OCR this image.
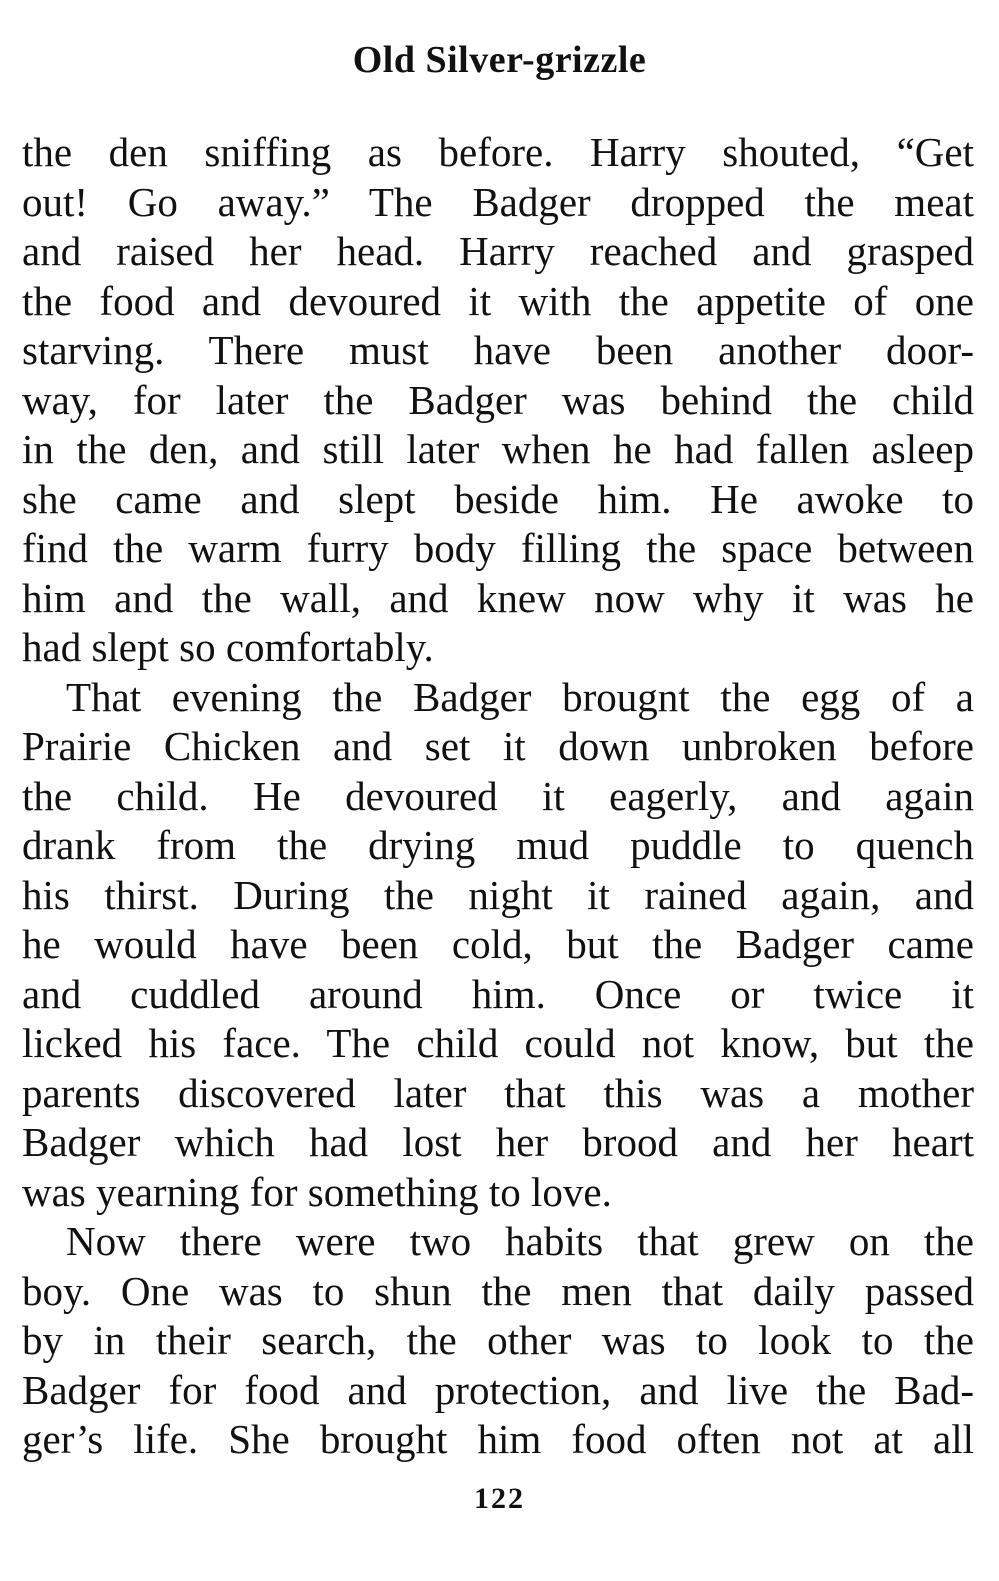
Old Silver-grizzle
the den sniffing as before. Harry shouted, “Get
out! Go away.” The Badger dropped the meat
and raised her head. Harry reached and grasped
the food and devoured it with the appetite of one
starving. There must have been another door-
way, for later the Badger was behind the child
in the den, and still later when he had fallen asleep
she came and slept beside him. He awoke to
find the warm furry body filling the space between
him and the wall, and knew now why it was he
had slept so comfortably.
That evening the Badger brougnt the egg of a
Prairie Chicken and set it down unbroken before
the child. He devoured it eagerly, and again
drank from the drying mud puddle to quench
his thirst. During the night it rained again, and
he would have been cold, but the Badger came
and cuddled around him. Once or twice it
licked his face. The child could not know, but the
parents discovered later that this was a mother
Badger which had lost her brood and her heart
was yearning for something to love.
Now there were two habits that grew on the
boy. One was to shun the men that daily passed
by in their search, the other was to look to the
Badger for food and protection, and live the Bad-
ger’s life. She brought him food often not at all
122
